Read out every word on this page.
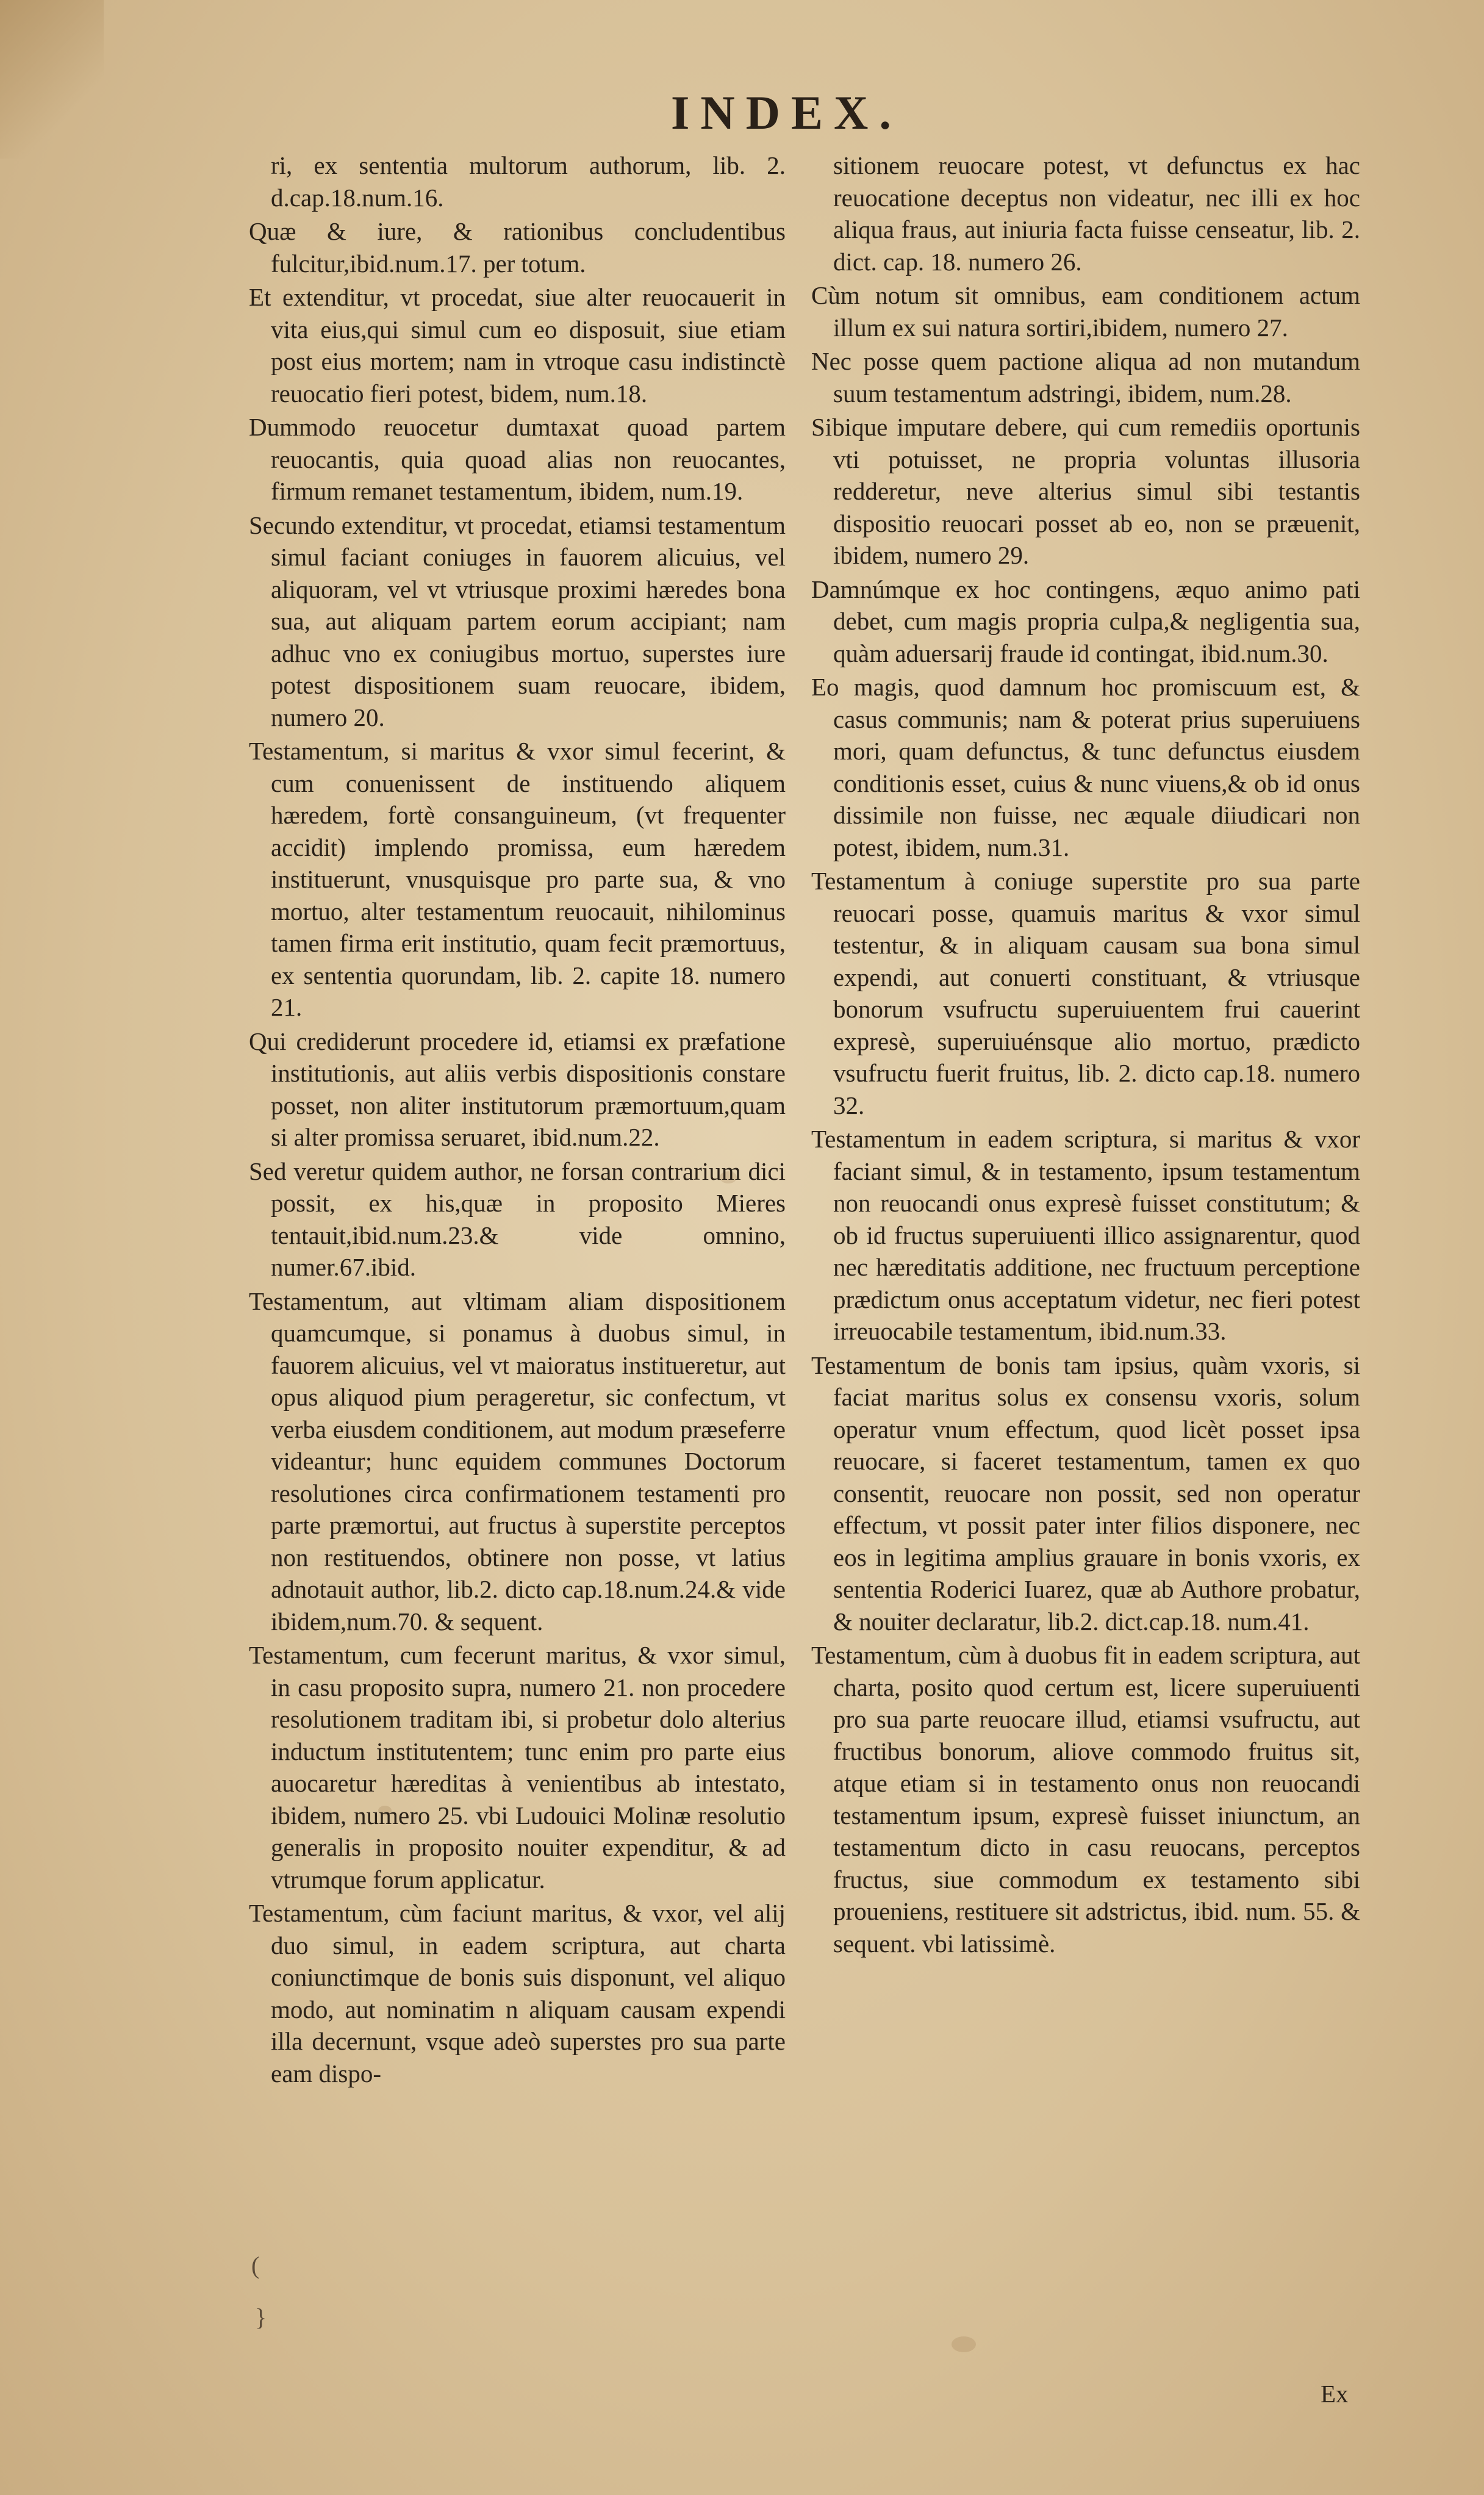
INDEX.

ri, ex sententia multorum authorum, lib. 2. d.cap.18.num.16.

Quæ & iure, & rationibus concludentibus fulcitur,ibid.num.17. per totum.

Et extenditur, vt procedat, siue alter reuocauerit in vita eius,qui simul cum eo disposuit, siue etiam post eius mortem; nam in vtroque casu indistinctè reuocatio fieri potest, bidem, num.18.

Dummodo reuocetur dumtaxat quoad partem reuocantis, quia quoad alias non reuocantes, firmum remanet testamentum, ibidem, num.19.

Secundo extenditur, vt procedat, etiamsi testamentum simul faciant coniuges in fauorem alicuius, vel aliquoram, vel vt vtriusque proximi hæredes bona sua, aut aliquam partem eorum accipiant; nam adhuc vno ex coniugibus mortuo, superstes iure potest dispositionem suam reuocare, ibidem, numero 20.

Testamentum, si maritus & vxor simul fecerint, & cum conuenissent de instituendo aliquem hæredem, fortè consanguineum, (vt frequenter accidit) implendo promissa, eum hæredem instituerunt, vnusquisque pro parte sua, & vno mortuo, alter testamentum reuocauit, nihilominus tamen firma erit institutio, quam fecit præmortuus, ex sententia quorundam, lib. 2. capite 18. numero 21.

Qui crediderunt procedere id, etiamsi ex præfatione institutionis, aut aliis verbis dispositionis constare posset, non aliter institutorum præmortuum,quam si alter promissa seruaret, ibid.num.22.

Sed veretur quidem author, ne forsan contrarium dici possit, ex his,quæ in proposito Mieres tentauit,ibid.num.23.& vide omnino, numer.67.ibid.

Testamentum, aut vltimam aliam dispositionem quamcumque, si ponamus à duobus simul, in fauorem alicuius, vel vt maioratus institueretur, aut opus aliquod pium perageretur, sic confectum, vt verba eiusdem conditionem, aut modum præseferre videantur; hunc equidem communes Doctorum resolutiones circa confirmationem testamenti pro parte præmortui, aut fructus à superstite perceptos non restituendos, obtinere non posse, vt latius adnotauit author, lib.2. dicto cap.18.num.24.& vide ibidem,num.70. & sequent.

Testamentum, cum fecerunt maritus, & vxor simul, in casu proposito supra, numero 21. non procedere resolutionem traditam ibi, si probetur dolo alterius inductum institutentem; tunc enim pro parte eius auocaretur hæreditas à venientibus ab intestato, ibidem, numero 25. vbi Ludouici Molinæ resolutio generalis in proposito nouiter expenditur, & ad vtrumque forum applicatur.

Testamentum, cùm faciunt maritus, & vxor, vel alij duo simul, in eadem scriptura, aut charta coniunctimque de bonis suis disponunt, vel aliquo modo, aut nominatim n aliquam causam expendi illa decernunt, vsque adeò superstes pro sua parte eam dispo-

sitionem reuocare potest, vt defunctus ex hac reuocatione deceptus non videatur, nec illi ex hoc aliqua fraus, aut iniuria facta fuisse censeatur, lib. 2. dict. cap. 18. numero 26.

Cùm notum sit omnibus, eam conditionem actum illum ex sui natura sortiri,ibidem, numero 27.

Nec posse quem pactione aliqua ad non mutandum suum testamentum adstringi, ibidem, num.28.

Sibique imputare debere, qui cum remediis oportunis vti potuisset, ne propria voluntas illusoria redderetur, neve alterius simul sibi testantis dispositio reuocari posset ab eo, non se præuenit, ibidem, numero 29.

Damnúmque ex hoc contingens, æquo animo pati debet, cum magis propria culpa,& negligentia sua, quàm aduersarij fraude id contingat, ibid.num.30.

Eo magis, quod damnum hoc promiscuum est, & casus communis; nam & poterat prius superuiuens mori, quam defunctus, & tunc defunctus eiusdem conditionis esset, cuius & nunc viuens,& ob id onus dissimile non fuisse, nec æquale diiudicari non potest, ibidem, num.31.

Testamentum à coniuge superstite pro sua parte reuocari posse, quamuis maritus & vxor simul testentur, & in aliquam causam sua bona simul expendi, aut conuerti constituant, & vtriusque bonorum vsufructu superuiuentem frui cauerint expresè, superuiuénsque alio mortuo, prædicto vsufructu fuerit fruitus, lib. 2. dicto cap.18. numero 32.

Testamentum in eadem scriptura, si maritus & vxor faciant simul, & in testamento, ipsum testamentum non reuocandi onus expresè fuisset constitutum; & ob id fructus superuiuenti illico assignarentur, quod nec hæreditatis additione, nec fructuum perceptione prædictum onus acceptatum videtur, nec fieri potest irreuocabile testamentum, ibid.num.33.

Testamentum de bonis tam ipsius, quàm vxoris, si faciat maritus solus ex consensu vxoris, solum operatur vnum effectum, quod licèt posset ipsa reuocare, si faceret testamentum, tamen ex quo consentit, reuocare non possit, sed non operatur effectum, vt possit pater inter filios disponere, nec eos in legitima amplius grauare in bonis vxoris, ex sententia Roderici Iuarez, quæ ab Authore probatur, & nouiter declaratur, lib.2. dict.cap.18. num.41.

Testamentum, cùm à duobus fit in eadem scriptura, aut charta, posito quod certum est, licere superuiuenti pro sua parte reuocare illud, etiamsi vsufructu, aut fructibus bonorum, aliove commodo fruitus sit, atque etiam si in testamento onus non reuocandi testamentum ipsum, expresè fuisset iniunctum, an testamentum dicto in casu reuocans, perceptos fructus, siue commodum ex testamento sibi proueniens, restituere sit adstrictus, ibid. num. 55. & sequent. vbi latissimè.

(
}
Ex
